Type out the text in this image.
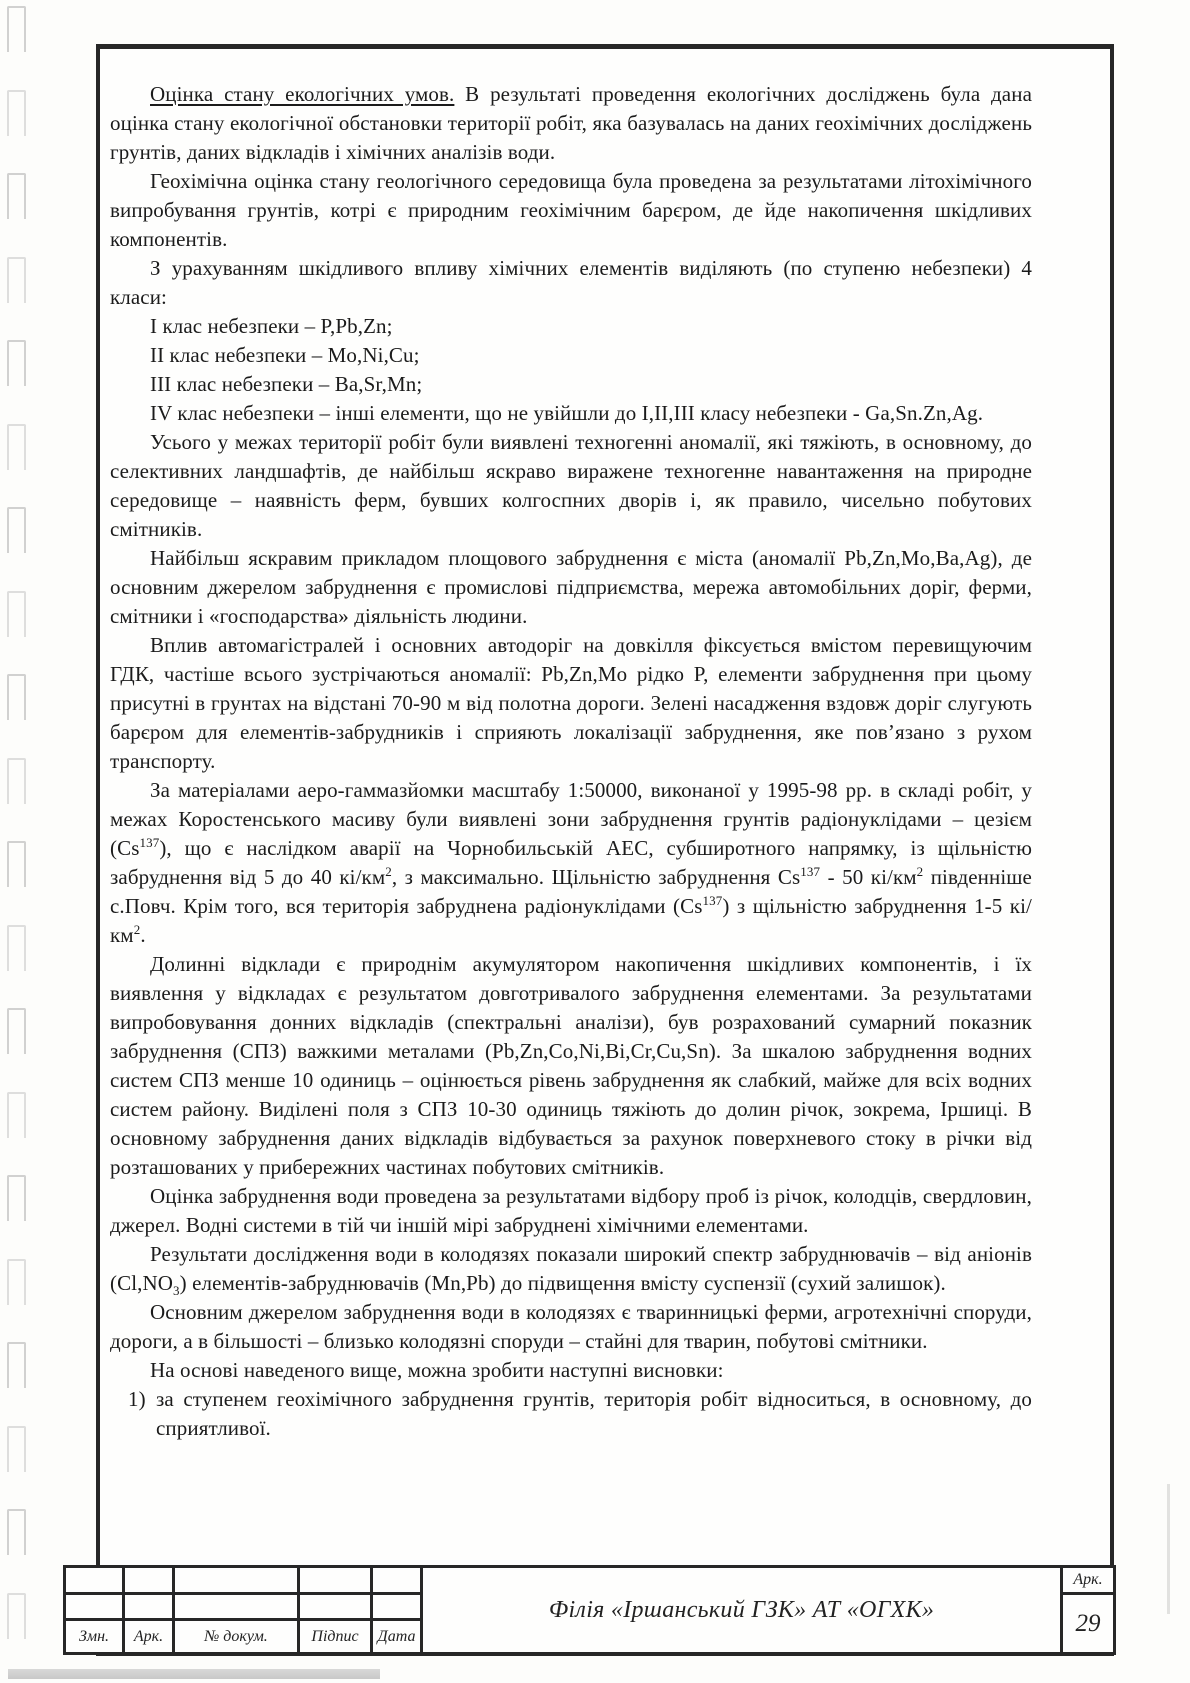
Оцінка стану екологічних умов. В результаті проведення екологічних досліджень була дана оцінка стану екологічної обстановки території робіт, яка базувалась на даних геохімічних досліджень грунтів, даних відкладів і хімічних аналізів води.

Геохімічна оцінка стану геологічного середовища була проведена за результатами літохімічного випробування грунтів, котрі є природним геохімічним барєром, де йде накопичення шкідливих компонентів.

З урахуванням шкідливого впливу хімічних елементів виділяють (по ступеню небезпеки) 4 класи:

I клас небезпеки – P,Pb,Zn;

II клас небезпеки – Mo,Ni,Cu;

III клас небезпеки – Ba,Sr,Mn;

IV клас небезпеки – інші елементи, що не увійшли до I,II,III класу небезпеки - Ga,Sn.Zn,Ag.

Усього у межах території робіт були виявлені техногенні аномалії, які тяжіють, в основному, до селективних ландшафтів, де найбільш яскраво виражене техногенне навантаження на природне середовище – наявність ферм, бувших колгоспних дворів і, як правило, чисельно побутових смітників.

Найбільш яскравим прикладом площового забруднення є міста (аномалії Pb,Zn,Mo,Ba,Ag), де основним джерелом забруднення є промислові підприємства, мережа автомобільних доріг, ферми, смітники і «господарства» діяльність людини.

Вплив автомагістралей і основних автодоріг на довкілля фіксується вмістом перевищуючим ГДК, частіше всього зустрічаються аномалії: Pb,Zn,Mo рідко P, елементи забруднення при цьому присутні в грунтах на відстані 70-90 м від полотна дороги. Зелені насадження вздовж доріг слугують барєром для елементів-забрудників і сприяють локалізації забруднення, яке пов’язано з рухом транспорту.

За матеріалами аеро-гаммазйомки масштабу 1:50000, виконаної у 1995-98 рр. в складі робіт, у межах Коростенського масиву були виявлені зони забруднення грунтів радіонуклідами – цезієм (Cs$^{137}$), що є наслідком аварії на Чорнобильській АЕС, субширотного напрямку, із щільністю забруднення від 5 до 40 $кі/км^2$, з максимально. Щільністю забруднення Cs$^{137}$ - 50 $кі/км^2$ південніше с.Повч. Крім того, вся територія забруднена радіонуклідами (Cs$^{137}$) з щільністю забруднення 1-5 $кі/км^2$.

Долинні відклади є природнім акумулятором накопичення шкідливих компонентів, і їх виявлення у відкладах є результатом довготривалого забруднення елементами. За результатами випробовування донних відкладів (спектральні аналізи), був розрахований сумарний показник забруднення (СПЗ) важкими металами (Pb,Zn,Co,Ni,Bi,Cr,Cu,Sn). За шкалою забруднення водних систем СПЗ менше 10 одиниць – оцінюється рівень забруднення як слабкий, майже для всіх водних систем району. Виділені поля з СПЗ 10-30 одиниць тяжіють до долин річок, зокрема, Іршиці. В основному забруднення даних відкладів відбувається за рахунок поверхневого стоку в річки від розташованих у прибережних частинах побутових смітників.

Оцінка забруднення води проведена за результатами відбору проб із річок, колодців, свердловин, джерел. Водні системи в тій чи іншій мірі забруднені хімічними елементами.

Результати дослідження води в колодязях показали широкий спектр забруднювачів – від аніонів $(Cl,NO_3)$ елементів-забруднювачів (Mn,Pb) до підвищення вмісту суспензії (сухий залишок).

Основним джерелом забруднення води в колодязях є тваринницькі ферми, агротехнічні споруди, дороги, а в більшості – близько колодязні споруди – стайні для тварин, побутові смітники.

На основі наведеного вище, можна зробити наступні висновки:

1) за ступенем геохімічного забруднення грунтів, територія робіт відноситься, в основному, до сприятливої.

					Філія «Іршанський ГЗК» АТ «ОГХК»	Арк.
						29
Змн.	Арк.	№ докум.	Підпис	Дата		
